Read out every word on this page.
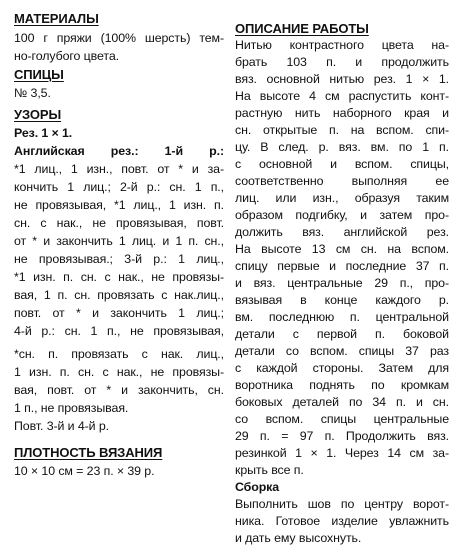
МАТЕРИАЛЫ
100 г пряжи (100% шерсть) тем-
но-голубого цвета.
СПИЦЫ
№ 3,5.
УЗОРЫ
Рез. 1 × 1.
Английская рез.: 1-й р.:
*1 лиц., 1 изн., повт. от * и за-
кончить 1 лиц.; 2-й р.: сн. 1 п.,
не провязывая, *1 лиц., 1 изн. п.
сн. с нак., не провязывая, повт.
от * и закончить 1 лиц. и 1 п. сн.,
не провязывая.; 3-й р.: 1 лиц.,
*1 изн. п. сн. с нак., не провязы-
вая, 1 п. сн. провязать с нак.лиц.,
повт. от * и закончить 1 лиц.;
4-й р.: сн. 1 п., не провязывая,
*сн. п. провязать с нак. лиц.,
1 изн. п. сн. с нак., не провязы-
вая, повт. от * и закончить, сн.
1 п., не провязывая.
Повт. 3-й и 4-й р.
ПЛОТНОСТЬ ВЯЗАНИЯ
10 × 10 см = 23 п. × 39 р.
ОПИСАНИЕ РАБОТЫ
Нитью контрастного цвета на-
брать 103 п. и продолжить
вяз. основной нитью рез. 1 × 1.
На высоте 4 см распустить конт-
растную нить наборного края и
сн. открытые п. на вспом. спи-
цу. В след. р. вяз. вм. по 1 п.
с основной и вспом. спицы,
соответственно выполняя ее
лиц. или изн., образуя таким
образом подгибку, и затем про-
должить вяз. английской рез.
На высоте 13 см сн. на вспом.
спицу первые и последние 37 п.
и вяз. центральные 29 п., про-
вязывая в конце каждого р.
вм. последнюю п. центральной
детали с первой п. боковой
детали со вспом. спицы 37 раз
с каждой стороны. Затем для
воротника поднять по кромкам
боковых деталей по 34 п. и сн.
со вспом. спицы центральные
29 п. = 97 п. Продолжить вяз.
резинкой 1 × 1. Через 14 см за-
крыть все п.
Сборка
Выполнить шов по центру ворот-
ника. Готовое изделие увлажнить
и дать ему высохнуть.
